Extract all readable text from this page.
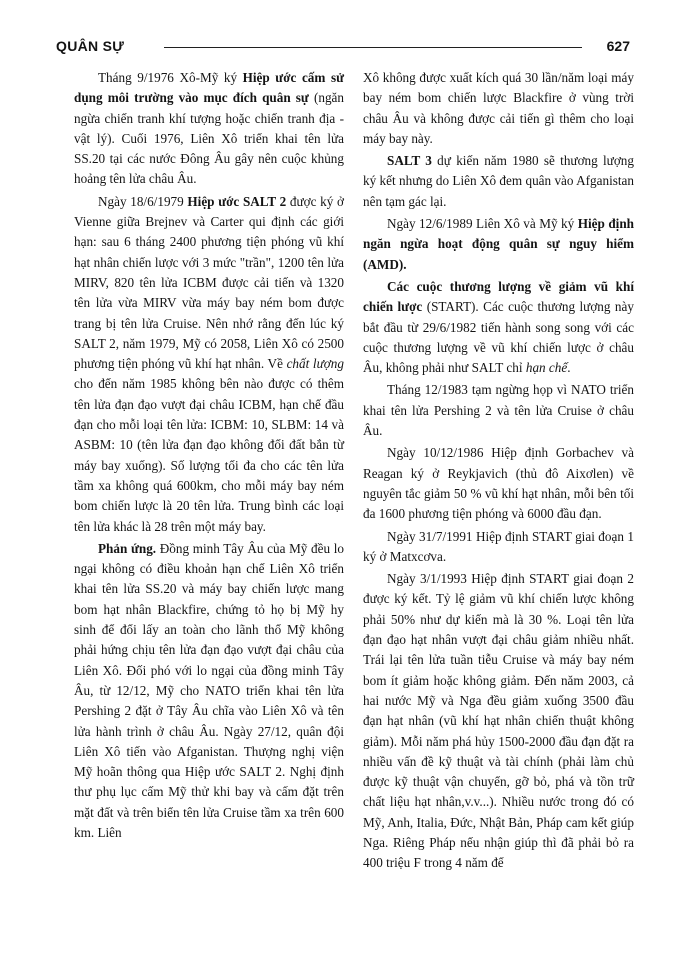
QUÂN SỰ	627

Tháng 9/1976 Xô-Mỹ ký Hiệp ước cấm sử dụng môi trường vào mục đích quân sự (ngăn ngừa chiến tranh khí tượng hoặc chiến tranh địa -vật lý). Cuối 1976, Liên Xô triển khai tên lửa SS.20 tại các nước Đông Âu gây nên cuộc khủng hoảng tên lửa châu Âu.

Ngày 18/6/1979 Hiệp ước SALT 2 được ký ở Vienne giữa Brejnev và Carter qui định các giới hạn: sau 6 tháng 2400 phương tiện phóng vũ khí hạt nhân chiến lược với 3 mức "trần", 1200 tên lửa MIRV, 820 tên lửa ICBM được cải tiến và 1320 tên lửa vừa MIRV vừa máy bay ném bom được trang bị tên lửa Cruise. Nên nhớ rằng đến lúc ký SALT 2, năm 1979, Mỹ có 2058, Liên Xô có 2500 phương tiện phóng vũ khí hạt nhân. Về chất lượng cho đến năm 1985 không bên nào được có thêm tên lửa đạn đạo vượt đại châu ICBM, hạn chế đầu đạn cho mỗi loại tên lửa: ICBM: 10, SLBM: 14 và ASBM: 10 (tên lửa đạn đạo không đối đất bắn từ máy bay xuống). Số lượng tối đa cho các tên lửa tầm xa không quá 600km, cho mỗi máy bay ném bom chiến lược là 20 tên lửa. Trung bình các loại tên lửa khác là 28 trên một máy bay.

Phản ứng. Đồng minh Tây Âu của Mỹ đều lo ngại không có điều khoản hạn chế Liên Xô triển khai tên lửa SS.20 và máy bay chiến lược mang bom hạt nhân Blackfire, chứng tỏ họ bị Mỹ hy sinh để đổi lấy an toàn cho lãnh thổ Mỹ không phải hứng chịu tên lửa đạn đạo vượt đại châu của Liên Xô. Đối phó với lo ngại của đồng minh Tây Âu, từ 12/12, Mỹ cho NATO triển khai tên lửa Pershing 2 đặt ở Tây Âu chĩa vào Liên Xô và tên lửa hành trình ở châu Âu. Ngày 27/12, quân đội Liên Xô tiến vào Afganistan. Thượng nghị viện Mỹ hoãn thông qua Hiệp ước SALT 2. Nghị định thư phụ lục cấm Mỹ thử khi bay và cấm đặt trên mặt đất và trên biển tên lửa Cruise tầm xa trên 600 km. Liên

Xô không được xuất kích quá 30 lần/năm loại máy bay ném bom chiến lược Blackfire ở vùng trời châu Âu và không được cải tiến gì thêm cho loại máy bay này.

SALT 3 dự kiến năm 1980 sẽ thương lượng ký kết nhưng do Liên Xô đem quân vào Afganistan nên tạm gác lại.

Ngày 12/6/1989 Liên Xô và Mỹ ký Hiệp định ngăn ngừa hoạt động quân sự nguy hiểm (AMD).

Các cuộc thương lượng về giảm vũ khí chiến lược (START). Các cuộc thương lượng này bắt đầu từ 29/6/1982 tiến hành song song với các cuộc thương lượng về vũ khí chiến lược ở châu Âu, không phải như SALT chỉ hạn chế.

Tháng 12/1983 tạm ngừng họp vì NATO triển khai tên lửa Pershing 2 và tên lửa Cruise ở châu Âu.

Ngày 10/12/1986 Hiệp định Gorbachev và Reagan ký ở Reykjavich (thủ đô Aixơlen) về nguyên tắc giảm 50 % vũ khí hạt nhân, mỗi bên tối đa 1600 phương tiện phóng và 6000 đầu đạn.

Ngày 31/7/1991 Hiệp định START giai đoạn 1 ký ở Matxcơva.

Ngày 3/1/1993 Hiệp định START giai đoạn 2 được ký kết. Tỷ lệ giảm vũ khí chiến lược không phải 50% như dự kiến mà là 30 %. Loại tên lửa đạn đạo hạt nhân vượt đại châu giảm nhiều nhất. Trái lại tên lửa tuần tiễu Cruise và máy bay ném bom ít giảm hoặc không giảm. Đến năm 2003, cả hai nước Mỹ và Nga đều giảm xuống 3500 đầu đạn hạt nhân (vũ khí hạt nhân chiến thuật không giảm). Mỗi năm phá hủy 1500-2000 đầu đạn đặt ra nhiều vấn đề kỹ thuật và tài chính (phải làm chủ được kỹ thuật vận chuyển, gỡ bỏ, phá và tồn trữ chất liệu hạt nhân,v.v...). Nhiều nước trong đó có Mỹ, Anh, Italia, Đức, Nhật Bản, Pháp cam kết giúp Nga. Riêng Pháp nếu nhận giúp thì đã phải bỏ ra 400 triệu F trong 4 năm để
